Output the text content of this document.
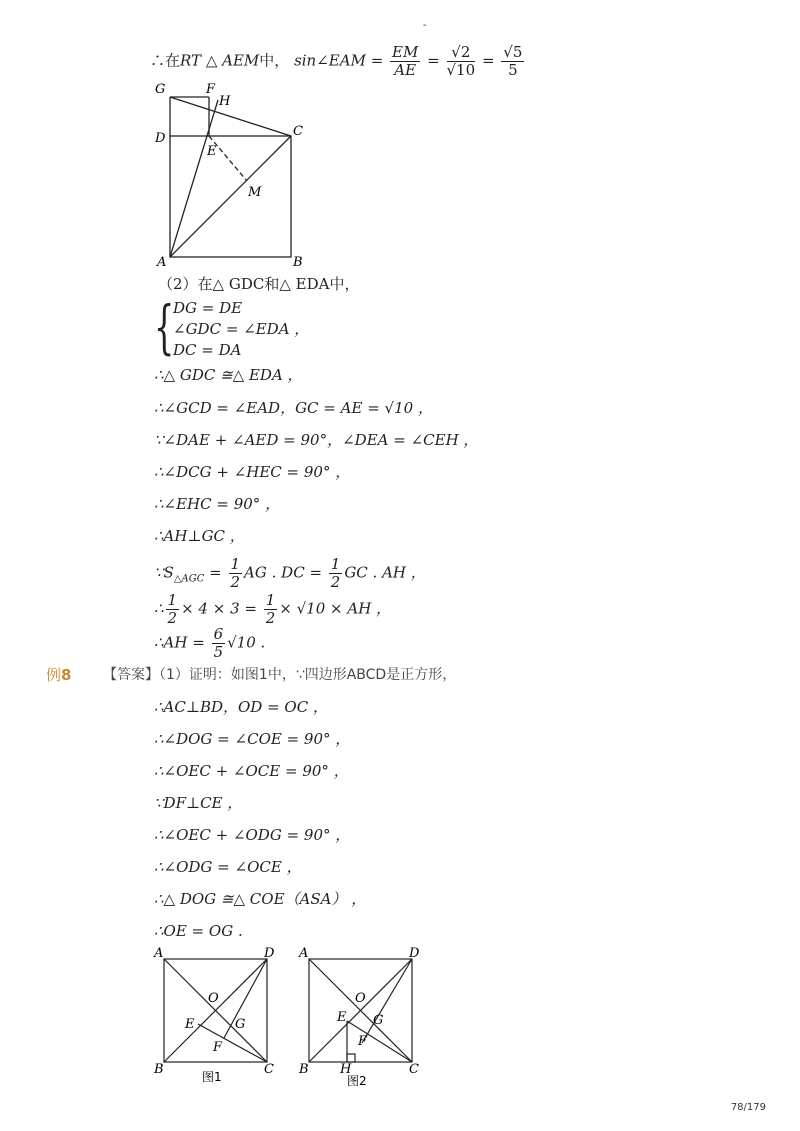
-
∴在RT △ AEM中， sin∠EAM = $\frac{EM}{AE} = \frac{√2}{√10} = \frac{√5}{5}$
G	F
H
D	C
E
M
A	B
（2）在△ GDC和△ EDA中，
{
DG = DE
∠GDC = ∠EDA ，
DC = DA
∴△ GDC ≅△ EDA ，
∴∠GCD = ∠EAD，GC = AE = √10 ，
∵∠DAE + ∠AED = 90°，∠DEA = ∠CEH ，
∴∠DCG + ∠HEC = 90° ，
∴∠EHC = 90° ，
∴AH⊥GC ，
$\because S_{\triangle AGC} = \frac{1}{2}$ AG . DC = $\frac{1}{2}$ GC . AH ，
∴ $\frac{1}{2} \times 4 \times 3 = \frac{1}{2} \times √10$ × AH ，
∴AH = $\frac{6}{5} √10$ .
例8 【答案】（1）证明：如图1中，∵四边形ABCD是正方形，
∴AC⊥BD，OD = OC ，
∴∠DOG = ∠COE = 90° ，
∴∠OEC + ∠OCE = 90° ，
∵DF⊥CE ，
∴∠OEC + ∠ODG = 90° ，
∴∠ODG = ∠OCE ，
∴△ DOG ≅△ COE（ASA） ，
∴OE = OG .
A	D
O
E	G
F
B	C
图1
A	D
O
E G
F
B H	C
图2
78/179
